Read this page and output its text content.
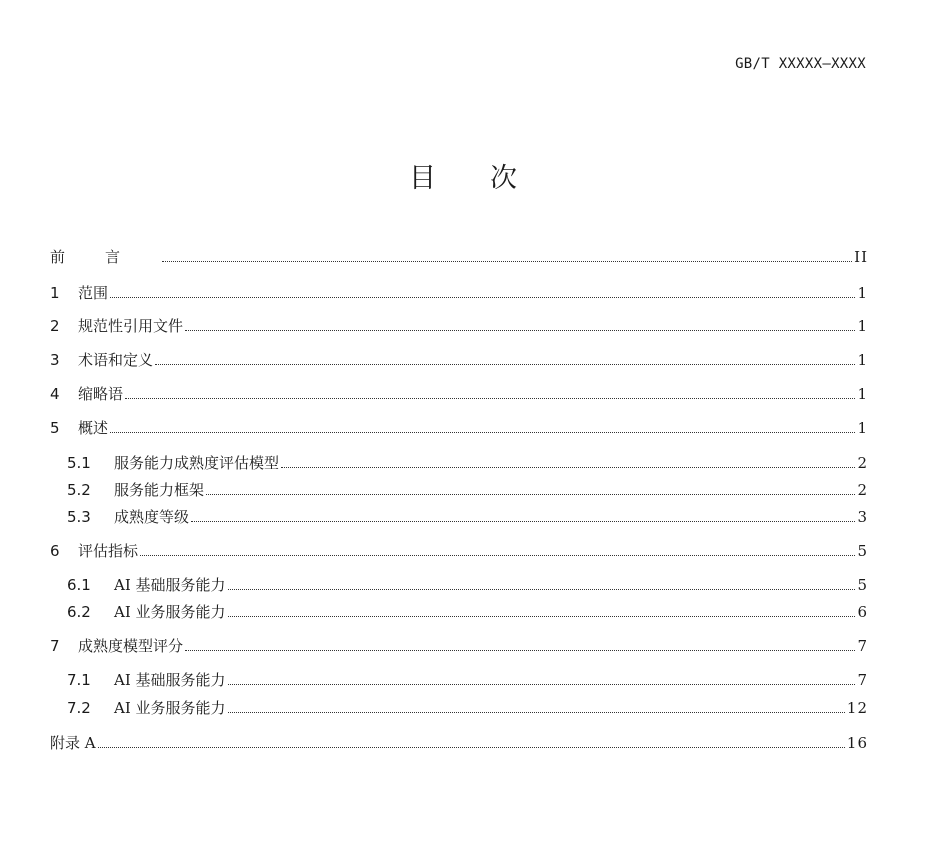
GB/T XXXXX—XXXX
目次
前言	II
1	范围	1
2	规范性引用文件	1
3	术语和定义	1
4	缩略语	1
5	概述	1
5.1	服务能力成熟度评估模型	2
5.2	服务能力框架	2
5.3	成熟度等级	3
6	评估指标	5
6.1	AI 基础服务能力	5
6.2	AI 业务服务能力	6
7	成熟度模型评分	7
7.1	AI 基础服务能力	7
7.2	AI 业务服务能力	12
附录 A	16
